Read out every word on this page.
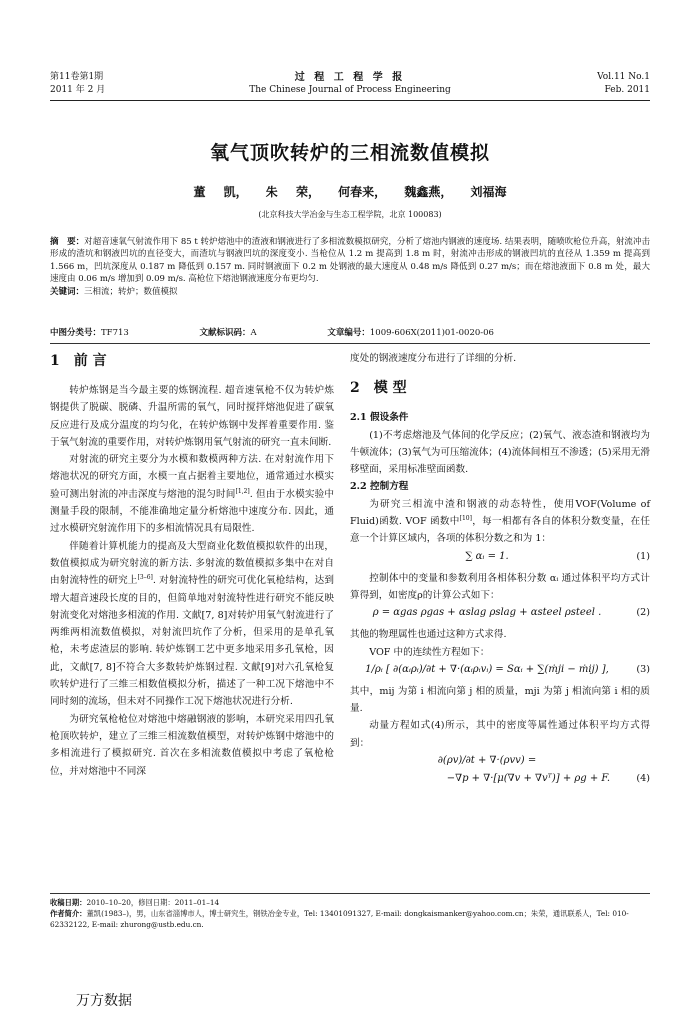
第11卷第1期
2011 年 2 月
过 程 工 程 学 报
The Chinese Journal of Process Engineering
Vol.11 No.1
Feb. 2011
氧气顶吹转炉的三相流数值模拟
董 凯， 朱 荣， 何春来， 魏鑫燕， 刘福海
(北京科技大学冶金与生态工程学院，北京 100083)
摘　要：对超音速氧气射流作用下 85 t 转炉熔池中的渣液和钢液进行了多相流数模拟研究，分析了熔池内钢液的速度场. 结果表明，随喷吹枪位升高，射流冲击形成的渣坑和钢液凹坑的直径变大，而渣坑与钢液凹坑的深度变小. 当枪位从 1.2 m 提高到 1.8 m 时，射流冲击形成的钢液凹坑的直径从 1.359 m 提高到 1.566 m，凹坑深度从 0.187 m 降低到 0.157 m. 同时钢液面下 0.2 m 处钢液的最大速度从 0.48 m/s 降低到 0.27 m/s；而在熔池液面下 0.8 m 处，最大速度由 0.06 m/s 增加到 0.09 m/s. 高枪位下熔池钢液速度分布更均匀.
关键词：三相流；转炉；数值模拟
中图分类号：TF713	文献标识码：A	文章编号：1009-606X(2011)01-0020-06
1 前 言

转炉炼钢是当今最主要的炼钢流程. 超音速氧枪不仅为转炉炼钢提供了脱碳、脱磷、升温所需的氧气，同时搅拌熔池促进了碳氧反应进行及成分温度的均匀化，在转炉炼钢中发挥着重要作用. 鉴于氧气射流的重要作用，对转炉炼钢用氧气射流的研究一直未间断.

对射流的研究主要分为水模和数模两种方法. 在对射流作用下熔池状况的研究方面，水模一直占据着主要地位，通常通过水模实验可测出射流的冲击深度与熔池的混匀时间[1,2]. 但由于水模实验中测量手段的限制，不能准确地定量分析熔池中速度分布. 因此，通过水模研究射流作用下的多相流情况具有局限性.

伴随着计算机能力的提高及大型商业化数值模拟软件的出现，数值模拟成为研究射流的新方法. 多射流的数值模拟多集中在对自由射流特性的研究上[3–6]. 对射流特性的研究可优化氧枪结构，达到增大超音速段长度的目的，但简单地对射流特性进行研究不能反映射流变化对熔池多相流的作用. 文献[7, 8]对转炉用氧气射流进行了两维两相流数值模拟，对射流凹坑作了分析，但采用的是单孔氧枪，未考虑渣层的影响. 转炉炼钢工艺中更多地采用多孔氧枪，因此，文献[7, 8]不符合大多数转炉炼钢过程. 文献[9]对六孔氧枪复吹转炉进行了三维三相数值模拟分析，描述了一种工况下熔池中不同时刻的流场，但未对不同操作工况下熔池状况进行分析.

为研究氧枪枪位对熔池中熔融钢液的影响，本研究采用四孔氧枪顶吹转炉，建立了三维三相流数值模型，对转炉炼钢中熔池中的多相流进行了模拟研究. 首次在多相流数值模拟中考虑了氧枪枪位，并对熔池中不同深

度处的钢液速度分布进行了详细的分析.

2 模 型
2.1 假设条件

(1)不考虑熔池及气体间的化学反应；(2)氧气、液态渣和钢液均为牛顿流体；(3)氧气为可压缩流体；(4)流体间相互不渗透；(5)采用无滑移壁面，采用标准壁面函数.

2.2 控制方程

为研究三相流中渣和钢液的动态特性，使用VOF(Volume of Fluid)函数. VOF 函数中[10]，每一相都有各自的体积分数变量，在任意一个计算区域内，各项的体积分数之和为 1：

∑ αᵢ = 1.	(1)

控制体中的变量和参数利用各相体积分数 αᵢ 通过体积平均方式计算得到，如密度ρ的计算公式如下：

ρ = αgas ρgas + αslag ρslag + αsteel ρsteel .	(2)

其他的物理属性也通过这种方式求得.

VOF 中的连续性方程如下：

1/ρᵢ [ ∂(αᵢρᵢ)/∂t + ∇·(αᵢρᵢvᵢ) = Sαᵢ + ∑(ṁji − ṁij) ],	(3)

其中，mij 为第 i 相流向第 j 相的质量，mji 为第 j 相流向第 i 相的质量.

动量方程如式(4)所示，其中的密度等属性通过体积平均方式得到：

∂(ρv)/∂t + ∇·(ρvv) =
−∇p + ∇·[μ(∇v + ∇vᵀ)] + ρg + F.	(4)
收稿日期：2010–10–20，修回日期：2011–01–14
作者简介：董凯(1983–)，男，山东省淄博市人，博士研究生，钢铁冶金专业，Tel: 13401091327, E-mail: dongkaismanker@yahoo.com.cn；朱荣，通讯联系人，Tel: 010-62332122, E-mail: zhurong@ustb.edu.cn.
万方数据
